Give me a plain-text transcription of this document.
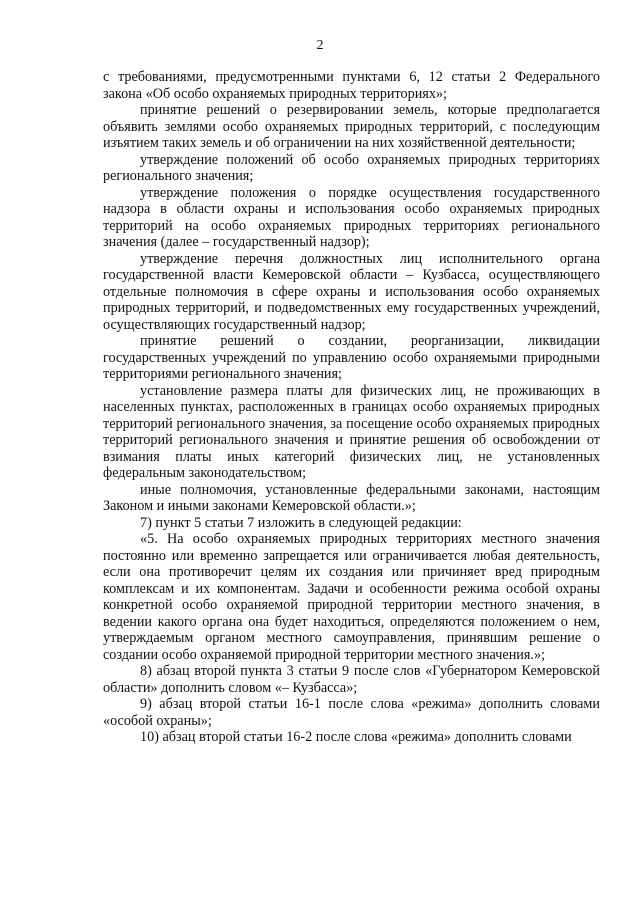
2

с требованиями, предусмотренными пунктами 6, 12 статьи 2 Федерального закона «Об особо охраняемых природных территориях»;

принятие решений о резервировании земель, которые предполагается объявить землями особо охраняемых природных территорий, с последующим изъятием таких земель и об ограничении на них хозяйственной деятельности;

утверждение положений об особо охраняемых природных территориях регионального значения;

утверждение положения о порядке осуществления государственного надзора в области охраны и использования особо охраняемых природных территорий на особо охраняемых природных территориях регионального значения (далее – государственный надзор);

утверждение перечня должностных лиц исполнительного органа государственной власти Кемеровской области – Кузбасса, осуществляющего отдельные полномочия в сфере охраны и использования особо охраняемых природных территорий, и подведомственных ему государственных учреждений, осуществляющих государственный надзор;

принятие решений о создании, реорганизации, ликвидации государственных учреждений по управлению особо охраняемыми природными территориями регионального значения;

установление размера платы для физических лиц, не проживающих в населенных пунктах, расположенных в границах особо охраняемых природных территорий регионального значения, за посещение особо охраняемых природных территорий регионального значения и принятие решения об освобождении от взимания платы иных категорий физических лиц, не установленных федеральным законодательством;

иные полномочия, установленные федеральными законами, настоящим Законом и иными законами Кемеровской области.»;

7) пункт 5 статьи 7 изложить в следующей редакции:

«5. На особо охраняемых природных территориях местного значения постоянно или временно запрещается или ограничивается любая деятельность, если она противоречит целям их создания или причиняет вред природным комплексам и их компонентам. Задачи и особенности режима особой охраны конкретной особо охраняемой природной территории местного значения, в ведении какого органа она будет находиться, определяются положением о нем, утверждаемым органом местного самоуправления, принявшим решение о создании особо охраняемой природной территории местного значения.»;

8) абзац второй пункта 3 статьи 9 после слов «Губернатором Кемеровской области» дополнить словом «– Кузбасса»;

9) абзац второй статьи 16-1 после слова «режима» дополнить словами «особой охраны»;

10) абзац второй статьи 16-2 после слова «режима» дополнить словами
